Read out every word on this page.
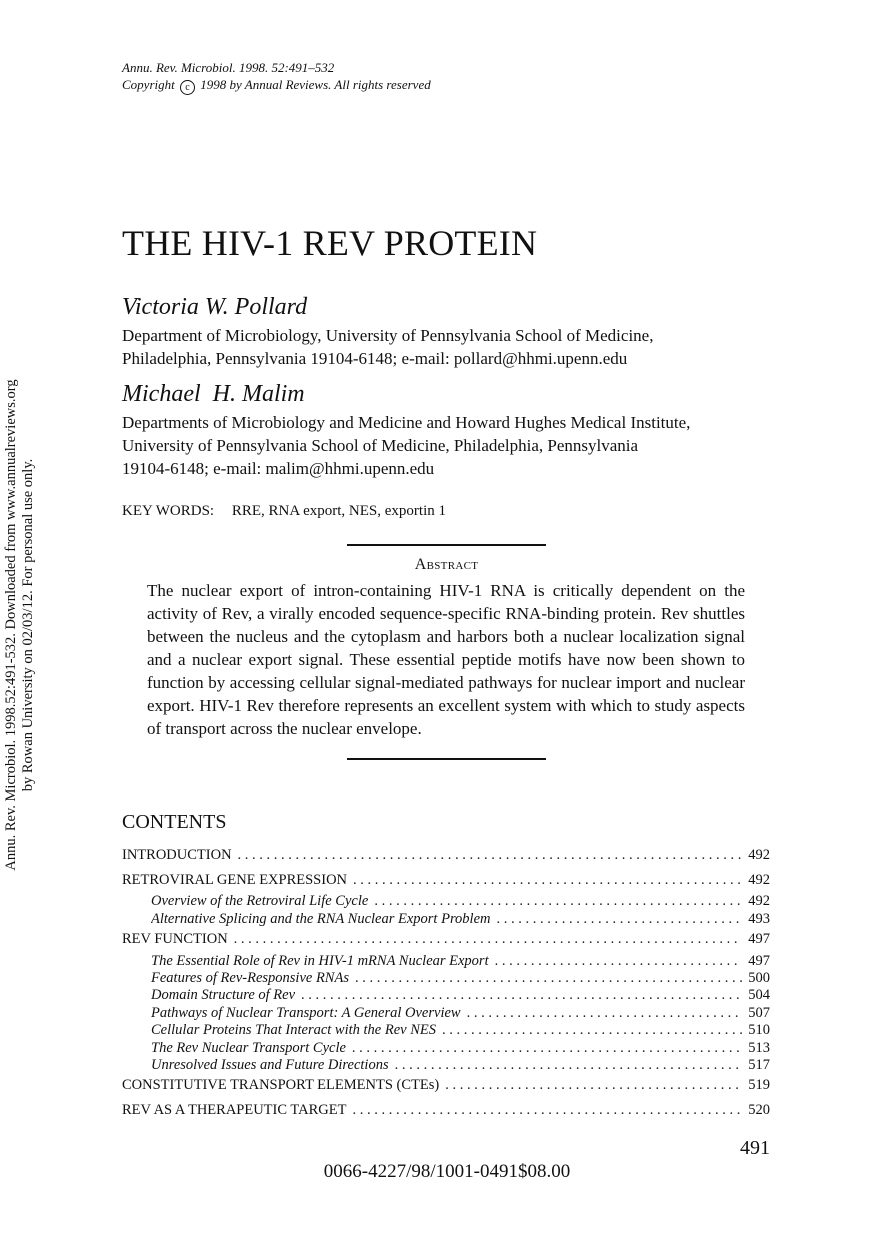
Annu. Rev. Microbiol. 1998.52:491-532. Downloaded from www.annualreviews.org by Rowan University on 02/03/12. For personal use only.
Annu. Rev. Microbiol. 1998. 52:491–532
Copyright c 1998 by Annual Reviews. All rights reserved
THE HIV-1 REV PROTEIN
Victoria W. Pollard
Department of Microbiology, University of Pennsylvania School of Medicine,
Philadelphia, Pennsylvania 19104-6148; e-mail: pollard@hhmi.upenn.edu
Michael  H. Malim
Departments of Microbiology and Medicine and Howard Hughes Medical Institute,
University of Pennsylvania School of Medicine, Philadelphia, Pennsylvania
19104-6148; e-mail: malim@hhmi.upenn.edu
KEY WORDS: RRE, RNA export, NES, exportin 1
Abstract
The nuclear export of intron-containing HIV-1 RNA is critically dependent on the activity of Rev, a virally encoded sequence-specific RNA-binding protein. Rev shuttles between the nucleus and the cytoplasm and harbors both a nuclear localization signal and a nuclear export signal. These essential peptide motifs have now been shown to function by accessing cellular signal-mediated pathways for nuclear import and nuclear export. HIV-1 Rev therefore represents an excellent system with which to study aspects of transport across the nuclear envelope.
CONTENTS
INTRODUCTION . . .	492
RETROVIRAL GENE EXPRESSION . . .	492
Overview of the Retroviral Life Cycle . . .	492
Alternative Splicing and the RNA Nuclear Export Problem . . .	493
REV FUNCTION . . .	497
The Essential Role of Rev in HIV-1 mRNA Nuclear Export . . .	497
Features of Rev-Responsive RNAs . . .	500
Domain Structure of Rev . . .	504
Pathways of Nuclear Transport: A General Overview . . .	507
Cellular Proteins That Interact with the Rev NES . . .	510
The Rev Nuclear Transport Cycle . . .	513
Unresolved Issues and Future Directions . . .	517
CONSTITUTIVE TRANSPORT ELEMENTS (CTEs) . . .	519
REV AS A THERAPEUTIC TARGET . . .	520
491
0066-4227/98/1001-0491$08.00
